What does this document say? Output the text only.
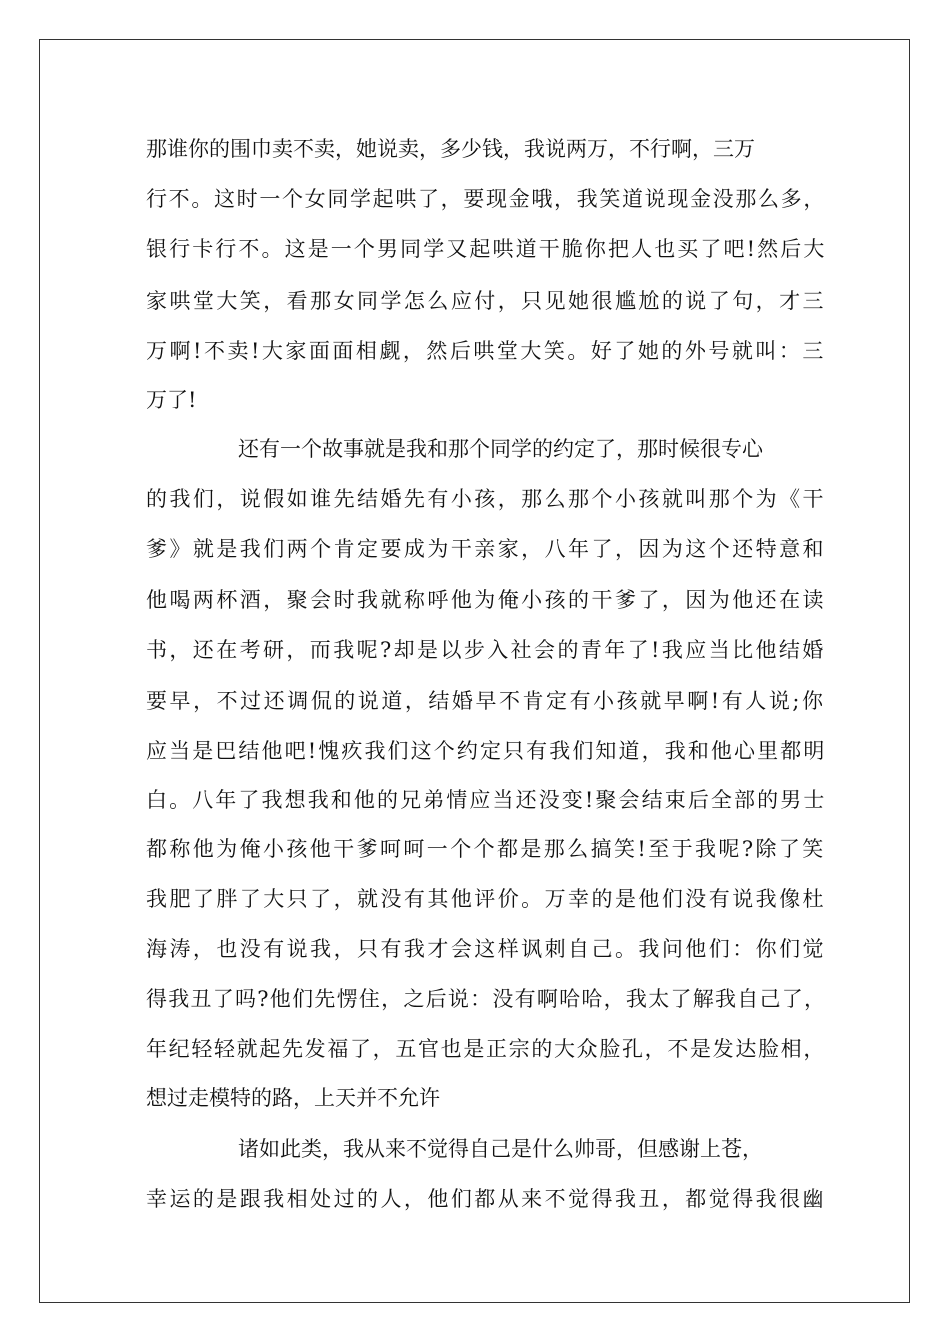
那谁你的围巾卖不卖，她说卖，多少钱，我说两万，不行啊，三万
行不。这时一个女同学起哄了，要现金哦，我笑道说现金没那么多，
银行卡行不。这是一个男同学又起哄道干脆你把人也买了吧!然后大
家哄堂大笑，看那女同学怎么应付，只见她很尴尬的说了句，才三
万啊!不卖!大家面面相觑，然后哄堂大笑。好了她的外号就叫：三
万了!
还有一个故事就是我和那个同学的约定了，那时候很专心
的我们，说假如谁先结婚先有小孩，那么那个小孩就叫那个为《干
爹》就是我们两个肯定要成为干亲家，八年了，因为这个还特意和
他喝两杯酒，聚会时我就称呼他为俺小孩的干爹了，因为他还在读
书，还在考研，而我呢?却是以步入社会的青年了!我应当比他结婚
要早，不过还调侃的说道，结婚早不肯定有小孩就早啊!有人说;你
应当是巴结他吧!愧疚我们这个约定只有我们知道，我和他心里都明
白。八年了我想我和他的兄弟情应当还没变!聚会结束后全部的男士
都称他为俺小孩他干爹呵呵一个个都是那么搞笑!至于我呢?除了笑
我肥了胖了大只了，就没有其他评价。万幸的是他们没有说我像杜
海涛，也没有说我，只有我才会这样讽刺自己。我问他们：你们觉
得我丑了吗?他们先愣住，之后说：没有啊哈哈，我太了解我自己了，
年纪轻轻就起先发福了，五官也是正宗的大众脸孔，不是发达脸相，
想过走模特的路，上天并不允许
诸如此类，我从来不觉得自己是什么帅哥，但感谢上苍，
幸运的是跟我相处过的人，他们都从来不觉得我丑，都觉得我很幽
